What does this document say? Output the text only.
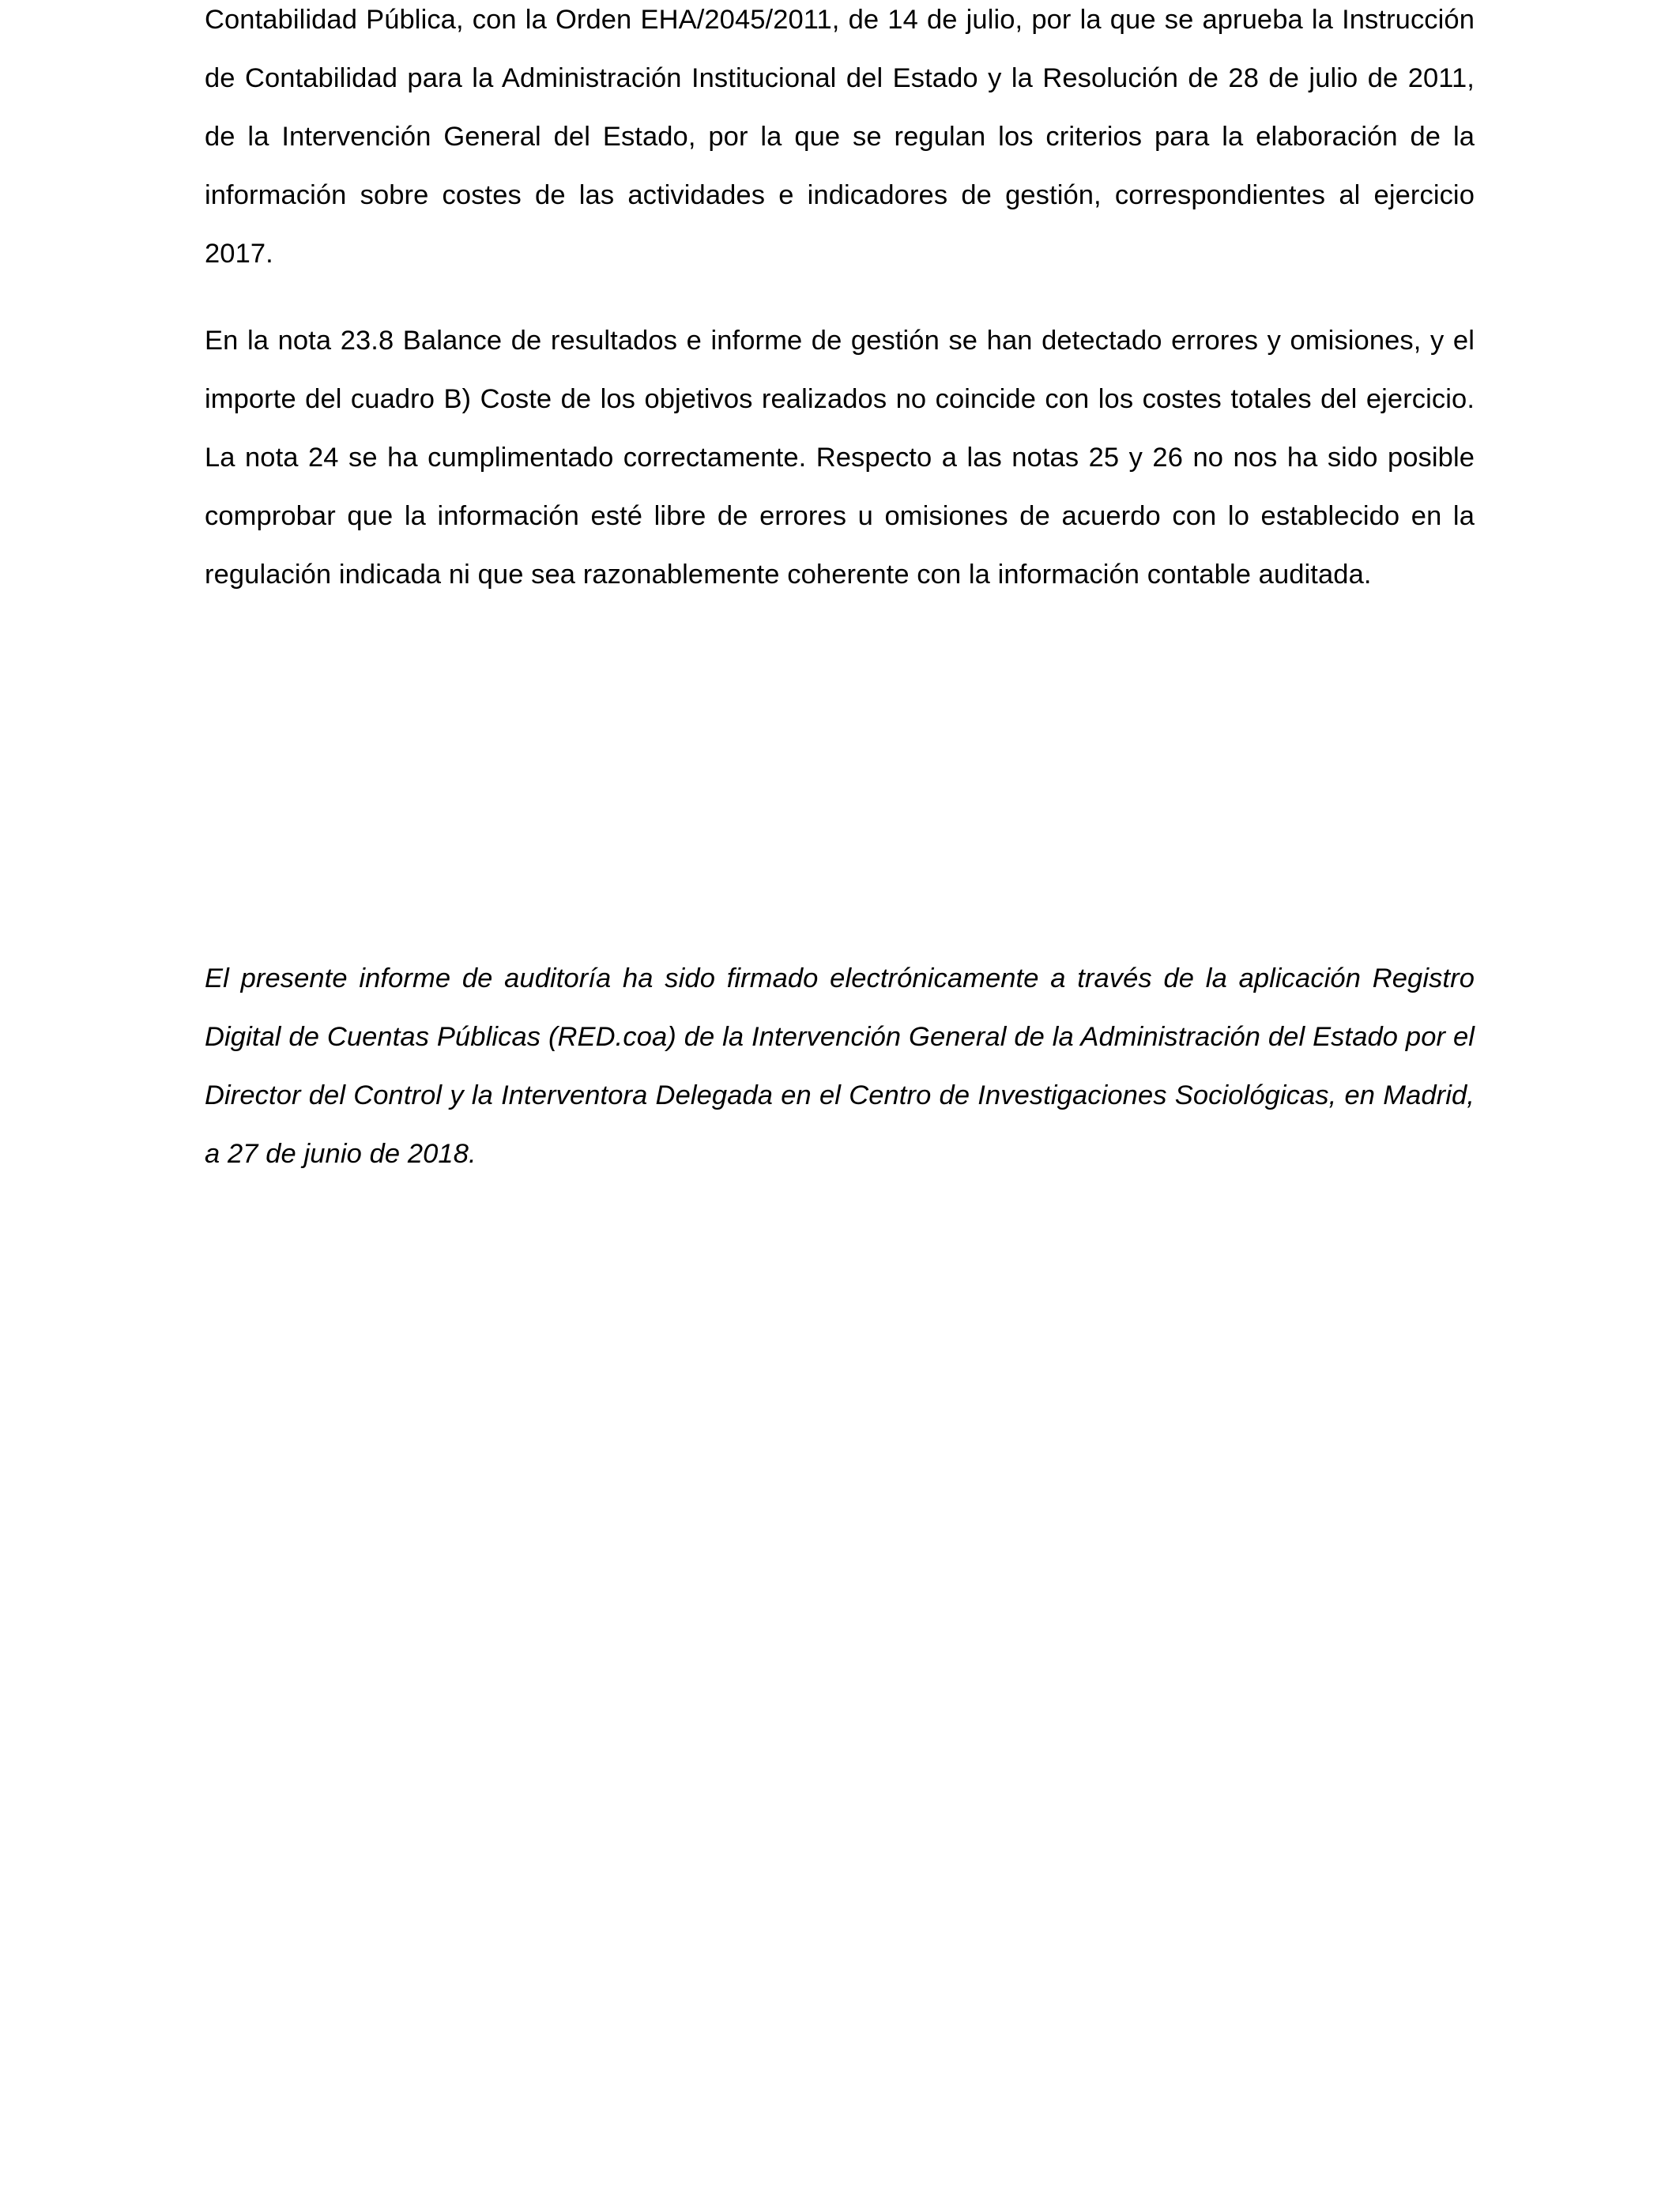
Contabilidad Pública, con la Orden EHA/2045/2011, de 14 de julio, por la que se aprueba la Instrucción de Contabilidad para la Administración Institucional del Estado y la Resolución de 28 de julio de 2011, de la Intervención General del Estado, por la que se regulan los criterios para la elaboración de la información sobre costes de las actividades e indicadores de gestión, correspondientes al ejercicio 2017.

En la nota 23.8 Balance de resultados e informe de gestión se han detectado errores y omisiones, y el importe del cuadro B) Coste de los objetivos realizados no coincide con los costes totales del ejercicio. La nota 24 se ha cumplimentado correctamente. Respecto a las notas 25 y 26 no nos ha sido posible comprobar que la información esté libre de errores u omisiones de acuerdo con lo establecido en la regulación indicada ni que sea razonablemente coherente con la información contable auditada.

El presente informe de auditoría ha sido firmado electrónicamente a través de la aplicación Registro Digital de Cuentas Públicas (RED.coa) de la Intervención General de la Administración del Estado por el Director del Control y la Interventora Delegada en el Centro de Investigaciones Sociológicas, en Madrid, a 27 de junio de 2018.
